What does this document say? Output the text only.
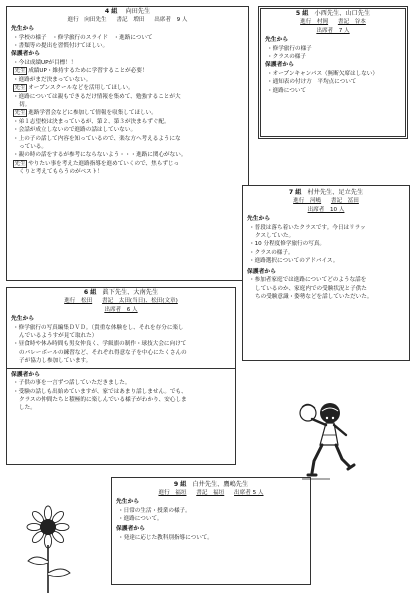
4 組 向田先生
進行　向田先生 書記　増田 出席者　9 人
先生から
・学校の様子　・修学旅行のスライド　・進路について
・書類等の提出を習慣付けてほしい。
保護者から
・今は成績UPが目標！！
先生 成績UP・維持するために学習することが必要！
・進路がまだ決まっていない。
先生 オープンスクールなどを活用してほしい。
・進路については親もできるだけ情報を集めて、勉強することが大
切。
先生 進路学習会などに参加して情報を収集してほしい。
・弟１志望校は決まっているが、第２、第３が決まらずぐ配。
・会話が成立しないので進路の話はしていない。
・上の子の話して内容を知っているので、楽な方へ考えるようにな
っている。
・親の時の話をするが参考にならないよう・・・進路に関心がない。
先生 やりたい事を考えた進路指導を進めていくので、焦らずじっ
くりと考えてもらうのがベスト！
5 組 小西先生、山口先生
進行　村岡 書記　谷本
出席者　7 人
先生から
・修学旅行の様子
・クラスの様子
保護者から
・オープンキャンパス（無断欠席はしない）
・通知表の付け方　平均点について
・進路について
7 組 村井先生、足立先生
進行　河嶋 書記　冨田
出席者　10 人
先生から
・普段は落ち着いたクラスです。今日はリラッ
クスしていた。
・10 分程度修学旅行の写真。
・クラスの様子。
・進路選択についてのアドバイス。
保護者から
・参加者家庭では進路についてどのような話を
しているのか、家庭内での受験状況と子供た
ちの受験意識・姿勢などを話していただいた。
6 組 眞下先生、大南先生
進行　松田 書記　太田(当日)、松田(文章)
出席者　6 人
先生から
・修学旅行の写真編集ＤＶＤ。（貴重な体験をし、それを存分に楽し
んでいるようすが見て取れた）
・昼食時や休み時間も男女仲良く、学級旗の制作・球技大会に向けて
のバレーボールの練習など、それぞれ得意な子を中心にたくさんの
子が協力し参加しています。
保護者から
・子供の事を一言ずつ話していただきました。
・受験の話しも出始めていますが、家ではあまり話しません。でも、
クラスの仲間たちと積極的に楽しんでいる様子がわかり、安心しま
した。
9 組 白井先生、鷹嶋先生
進行　福垣 書記　福垣 出席者 5 人
先生から
・日常の生活・授業の様子。
・進路について。
保護者から
・発達に応じた教科別指導について。
